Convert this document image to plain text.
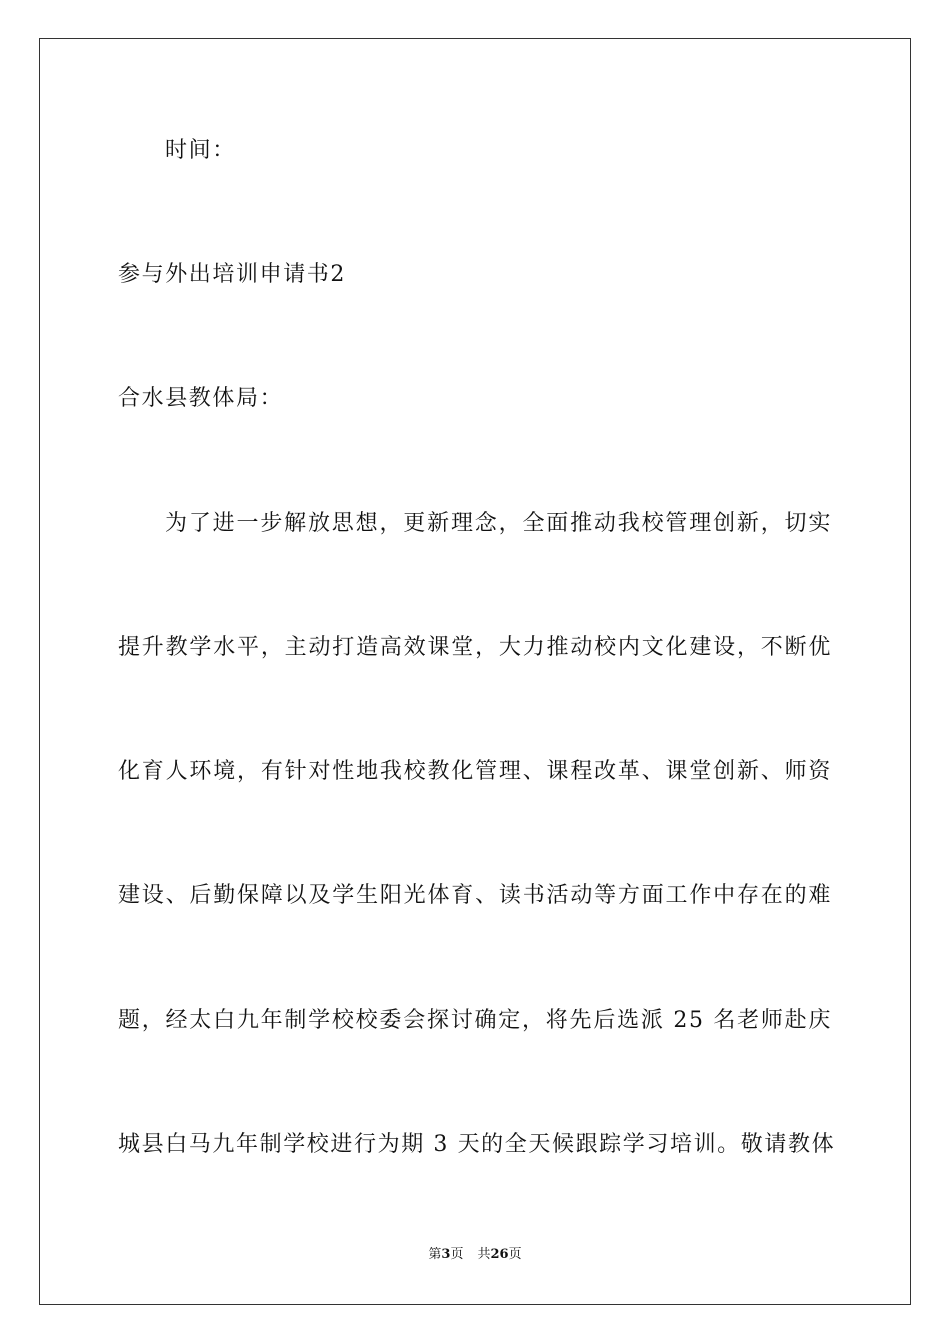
时间：
参与外出培训申请书2
合水县教体局：
为了进一步解放思想，更新理念，全面推动我校管理创新，切实
提升教学水平，主动打造高效课堂，大力推动校内文化建设，不断优
化育人环境，有针对性地我校教化管理、课程改革、课堂创新、师资
建设、后勤保障以及学生阳光体育、读书活动等方面工作中存在的难
题，经太白九年制学校校委会探讨确定，将先后选派 25 名老师赴庆
城县白马九年制学校进行为期 3 天的全天候跟踪学习培训。敬请教体
第3页 共26页
